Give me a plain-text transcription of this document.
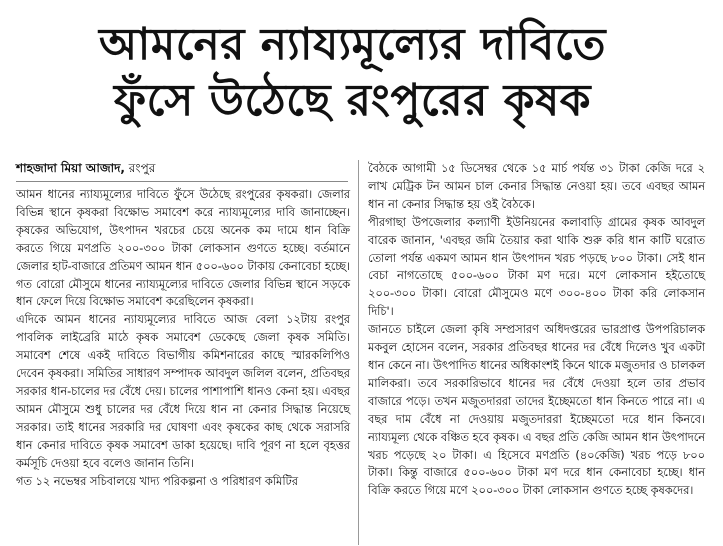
আমনের ন্যায্যমূল্যের দাবিতে
ফুঁসে উঠেছে রংপুরের কৃষক
শাহজাদা মিয়া আজাদ, রংপুর

আমন ধানের ন্যায্যমূল্যের দাবিতে ফুঁসে উঠেছে রংপুরের কৃষকরা। জেলার বিভিন্ন স্থানে কৃষকরা বিক্ষোভ সমাবেশ করে ন্যায্যমূল্যের দাবি জানাচ্ছেন। কৃষকের অভিযোগ, উৎপাদন খরচের চেয়ে অনেক কম দামে ধান বিক্রি করতে গিয়ে মণপ্রতি ২০০-৩০০ টাকা লোকসান গুণতে হচ্ছে। বর্তমানে জেলার হাট-বাজারে প্রতিমণ আমন ধান ৫০০-৬০০ টাকায় কেনাবেচা হচ্ছে। গত বোরো মৌসুমে ধানের ন্যায্যমূল্যের দাবিতে জেলার বিভিন্ন স্থানে সড়কে ধান ফেলে দিয়ে বিক্ষোভ সমাবেশ করেছিলেন কৃষকরা।

এদিকে আমন ধানের ন্যায্যমূল্যের দাবিতে আজ বেলা ১২টায় রংপুর পাবলিক লাইব্রেরি মাঠে কৃষক সমাবেশ ডেকেছে জেলা কৃষক সমিতি। সমাবেশ শেষে একই দাবিতে বিভাগীয় কমিশনারের কাছে স্মারকলিপিও দেবেন কৃষকরা। সমিতির সাধারণ সম্পাদক আবদুল জলিল বলেন, প্রতিবছর সরকার ধান-চালের দর বেঁধে দেয়। চালের পাশাপাশি ধানও কেনা হয়। এবছর আমন মৌসুমে শুধু চালের দর বেঁধে দিয়ে ধান না কেনার সিদ্ধান্ত নিয়েছে সরকার। তাই ধানের সরকারি দর ঘোষণা এবং কৃষকের কাছ থেকে সরাসরি ধান কেনার দাবিতে কৃষক সমাবেশ ডাকা হয়েছে। দাবি পূরণ না হলে বৃহত্তর কর্মসূচি দেওয়া হবে বলেও জানান তিনি।

গত ১২ নভেম্বর সচিবালয়ে খাদ্য পরিকল্পনা ও পরিধারণ কমিটির

বৈঠকে আগামী ১৫ ডিসেম্বর থেকে ১৫ মার্চ পর্যন্ত ৩১ টাকা কেজি দরে ২ লাখ মেট্রিক টন আমন চাল কেনার সিদ্ধান্ত নেওয়া হয়। তবে এবছর আমন ধান না কেনার সিদ্ধান্ত হয় ওই বৈঠকে।

পীরগাছা উপজেলার কল্যাণী ইউনিয়নের কলাবাড়ি গ্রামের কৃষক আবদুল বারেক জানান, 'এবছর জমি তৈয়ার করা থাকি শুরু করি ধান কাটি ঘরোত তোলা পর্যন্ত একমণ আমন ধান উৎপাদন খরচ পড়ছে ৮০০ টাকা। সেই ধান বেচা নাগতোছে ৫০০-৬০০ টাকা মণ দরে। মণে লোকসান হইতোছে ২০০-৩০০ টাকা। বোরো মৌসুমেও মণে ৩০০-৪০০ টাকা করি লোকসান দিচি'।

জানতে চাইলে জেলা কৃষি সম্প্রসারণ অধিদপ্তরের ভারপ্রাপ্ত উপপরিচালক মকবুল হোসেন বলেন, সরকার প্রতিবছর ধানের দর বেঁধে দিলেও খুব একটা ধান কেনে না। উৎপাদিত ধানের অধিকাংশই কিনে থাকে মজুতদার ও চালকল মালিকরা। তবে সরকারিভাবে ধানের দর বেঁধে দেওয়া হলে তার প্রভাব বাজারে পড়ে। তখন মজুতদাররা তাদের ইচ্ছেমতো ধান কিনতে পারে না। এ বছর দাম বেঁধে না দেওয়ায় মজুতদাররা ইচ্ছেমতো দরে ধান কিনবে। ন্যায্যমূল্য থেকে বঞ্চিত হবে কৃষক। এ বছর প্রতি কেজি আমন ধান উৎপাদনে খরচ পড়েছে ২০ টাকা। এ হিসেবে মণপ্রতি (৪০কেজি) খরচ পড়ে ৮০০ টাকা। কিন্তু বাজারে ৫০০-৬০০ টাকা মণ দরে ধান কেনাবেচা হচ্ছে। ধান বিক্রি করতে গিয়ে মণে ২০০-৩০০ টাকা লোকসান গুণতে হচ্ছে কৃষকদের।
